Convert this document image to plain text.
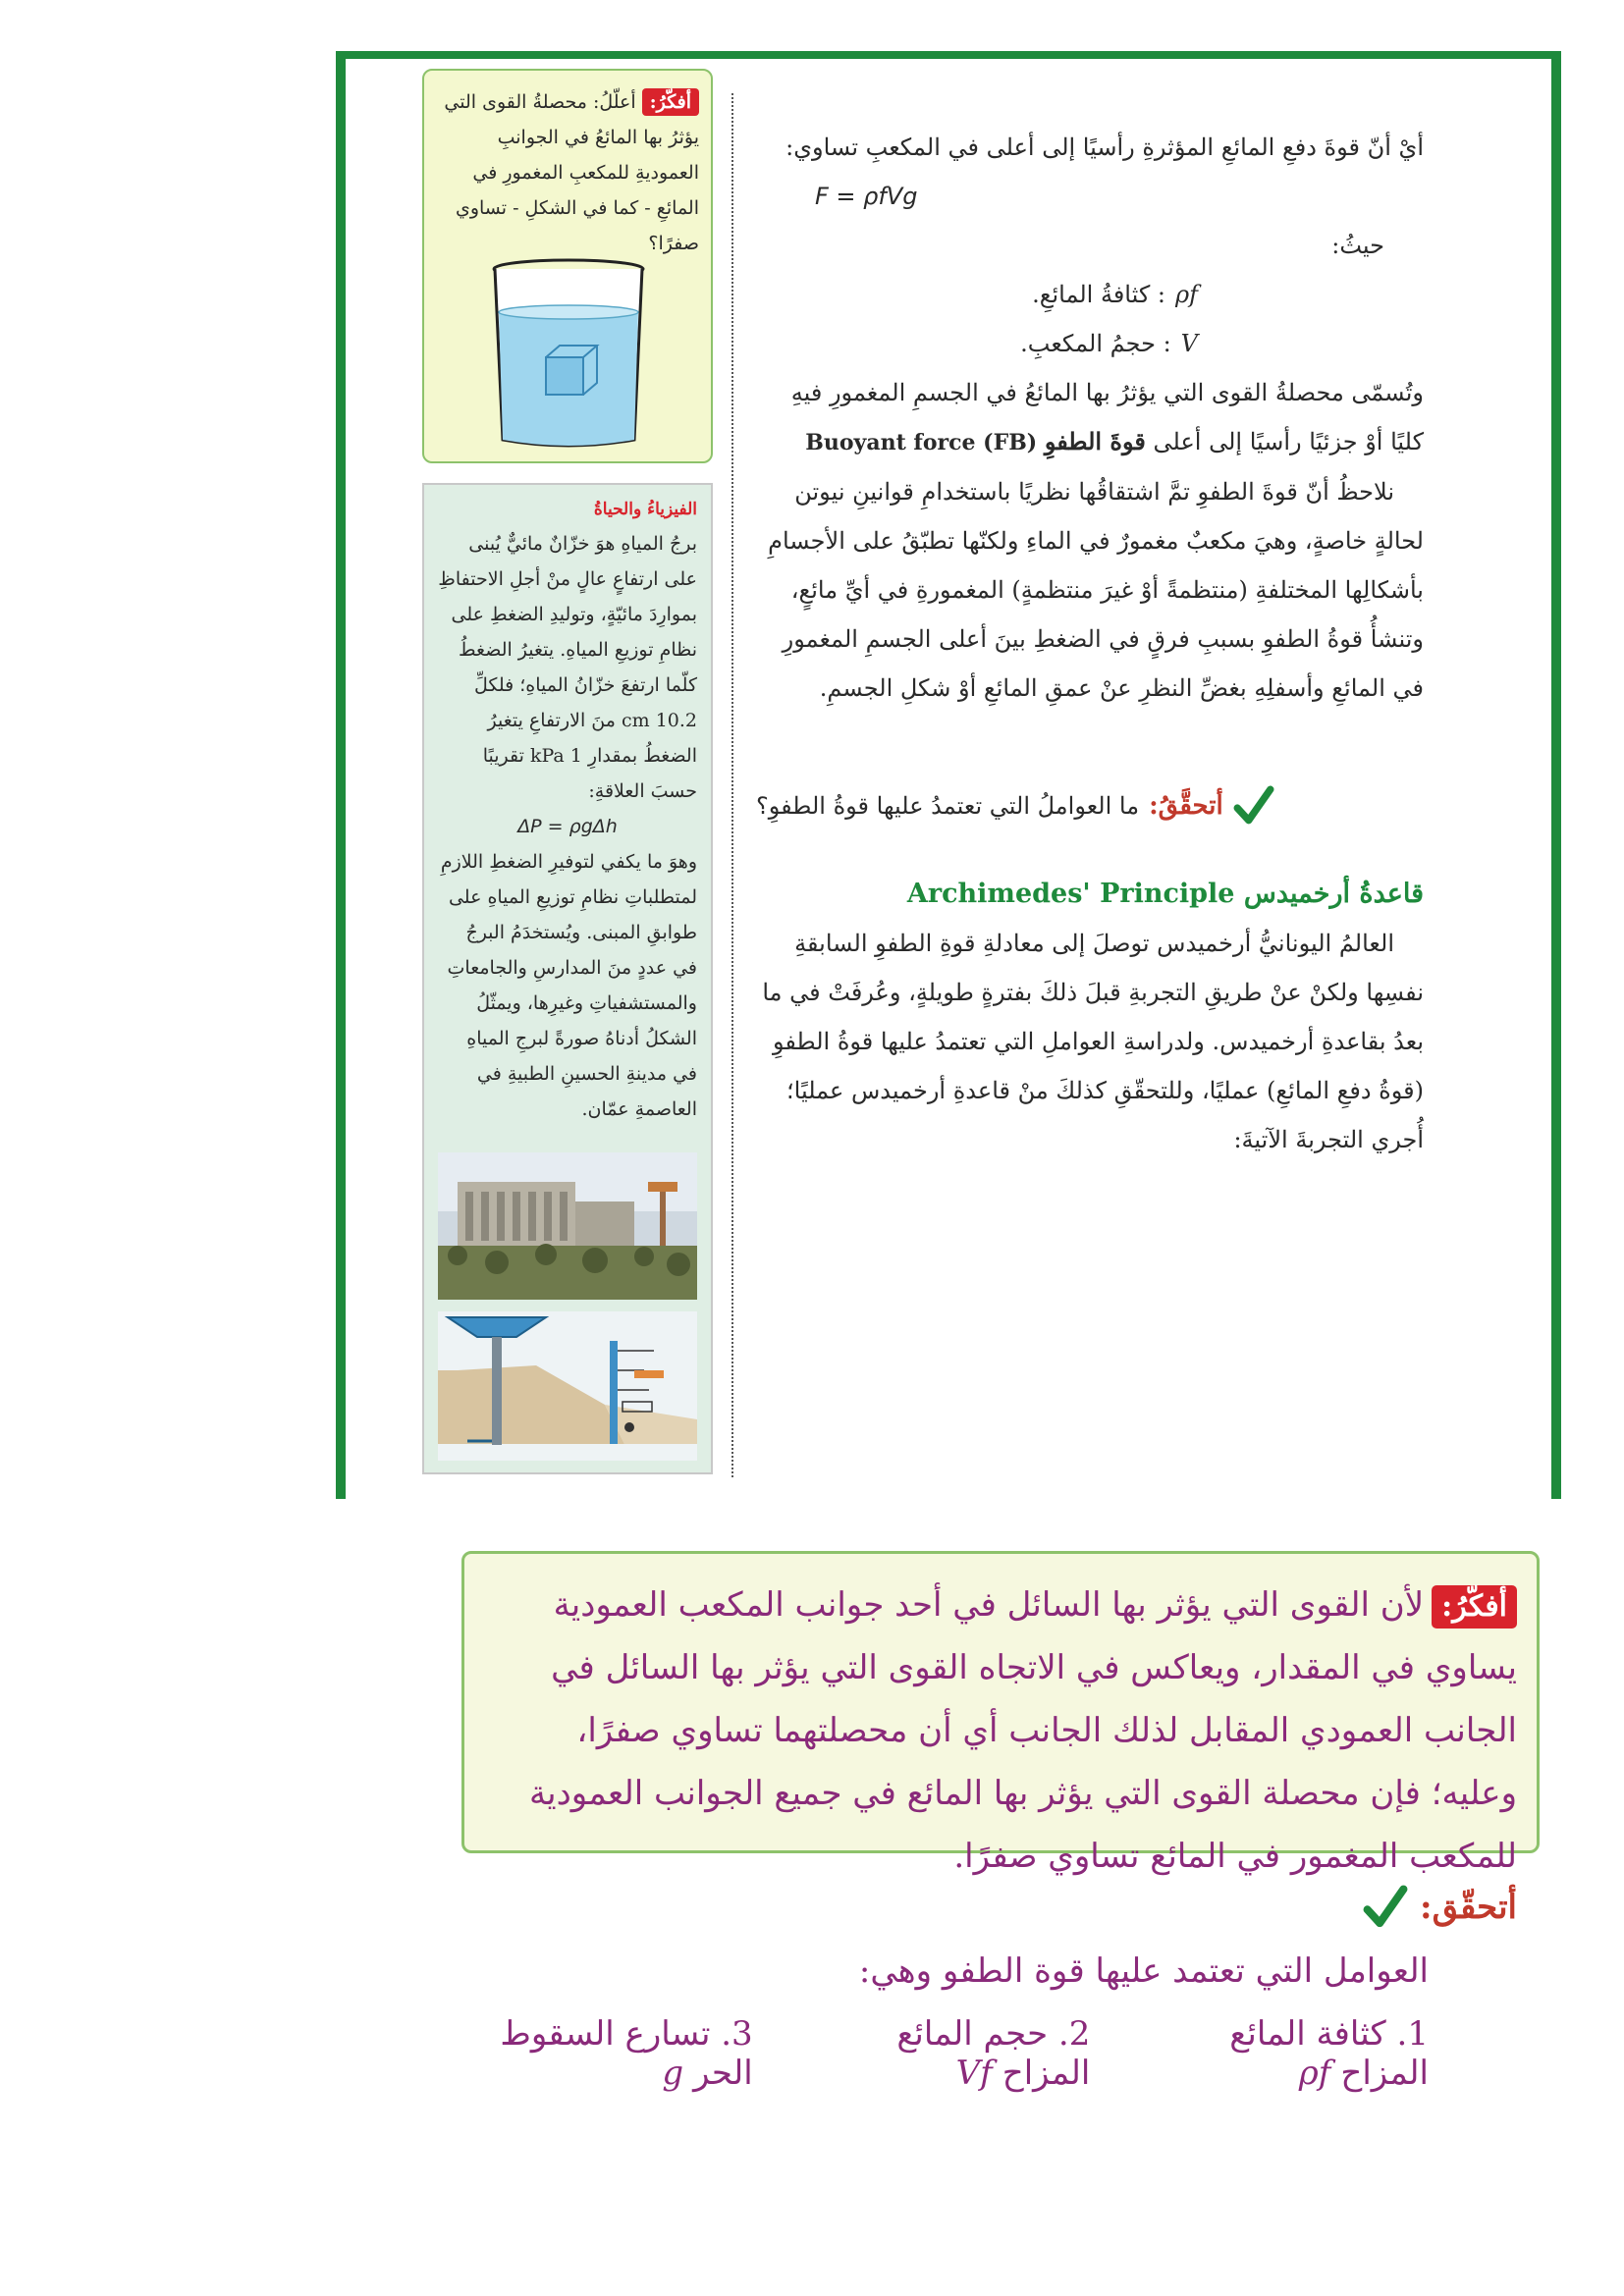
أيْ أنّ قوةَ دفعِ المائعِ المؤثرةِ رأسيًا إلى أعلى في المكعبِ تساوي:

F = ρfVg

حيثُ:

ρf: كثافةُ المائعِ.

V: حجمُ المكعبِ.

وتُسمّى محصلةُ القوى التي يؤثرُ بها المائعُ في الجسمِ المغمورِ فيهِ كليًا أوْ جزئيًا رأسيًا إلى أعلى قوةَ الطفوِ Buoyant force (FB)

نلاحظُ أنّ قوةَ الطفوِ تمَّ اشتقاقُها نظريًا باستخدامِ قوانينِ نيوتن لحالةٍ خاصةٍ، وهيَ مكعبٌ مغمورٌ في الماءِ ولكنّها تطبّقُ على الأجسامِ بأشكالِها المختلفةِ (منتظمةً أوْ غيرَ منتظمةٍ) المغمورةِ في أيِّ مائعٍ، وتنشأُ قوةُ الطفوِ بسببِ فرقٍ في الضغطِ بينَ أعلى الجسمِ المغمورِ في المائعِ وأسفلِهِ بغضِّ النظرِ عنْ عمقِ المائعِ أوْ شكلِ الجسمِ.

أتحقَّقُ:
ما العواملُ التي تعتمدُ عليها قوةُ الطفوِ؟

قاعدةُ أرخميدس Archimedes' Principle

العالمُ اليونانيُّ أرخميدس توصلَ إلى معادلةِ قوةِ الطفوِ السابقةِ نفسِها ولكنْ عنْ طريقِ التجربةِ قبلَ ذلكَ بفترةٍ طويلةٍ، وعُرفَتْ في ما بعدُ بقاعدةِ أرخميدس. ولدراسةِ العواملِ التي تعتمدُ عليها قوةُ الطفوِ (قوةُ دفعِ المائعِ) عمليًا، وللتحقّقِ كذلكَ منْ قاعدةِ أرخميدس عمليًا؛ أُجري التجربةَ الآتيةَ:

أفكّرُ:أعلّلُ: محصلةُ القوى التي يؤثرُ بها المائعُ في الجوانبِ العموديةِ للمكعبِ المغمورِ في المائعِ - كما في الشكلِ - تساوي صفرًا؟

الفيزياءُ والحياةُ

برجُ المياهِ هوَ خزّانٌ مائيٌّ يُبنى على ارتفاعٍ عالٍ منْ أجلِ الاحتفاظِ بموارِدَ مائيّةٍ، وتوليدِ الضغطِ على نظامِ توزيعِ المياهِ. يتغيرُ الضغطُ كلّما ارتفعَ خزّانُ المياهِ؛ فلكلِّ 10.2 cm منَ الارتفاعِ يتغيرُ الضغطُ بمقدارِ 1 kPa تقريبًا حسبَ العلاقةِ:

ΔP = ρgΔh

وهوَ ما يكفي لتوفيرِ الضغطِ اللازمِ لمتطلباتِ نظامِ توزيعِ المياهِ على طوابقِ المبنى. ويُستخدَمُ البرجُ في عددٍ منَ المدارسِ والجامعاتِ والمستشفياتِ وغيرِها، ويمثّلُ الشكلُ أدناهُ صورةً لبرجِ المياهِ في مدينةِ الحسينِ الطبيةِ في العاصمةِ عمّان.

أفكّرُ:لأن القوى التي يؤثر بها السائل في أحد جوانب المكعب العمودية يساوي في المقدار، ويعاكس في الاتجاه القوى التي يؤثر بها السائل في الجانب العمودي المقابل لذلك الجانب أي أن محصلتهما تساوي صفرًا، وعليه؛ فإن محصلة القوى التي يؤثر بها المائع في جميع الجوانب العمودية للمكعب المغمور في المائع تساوي صفرًا.
أتحقّق:

العوامل التي تعتمد عليها قوة الطفو وهي:

1. كثافة المائع المزاحρf
2. حجم المائع المزاحVf
3. تسارع السقوط الحرg
